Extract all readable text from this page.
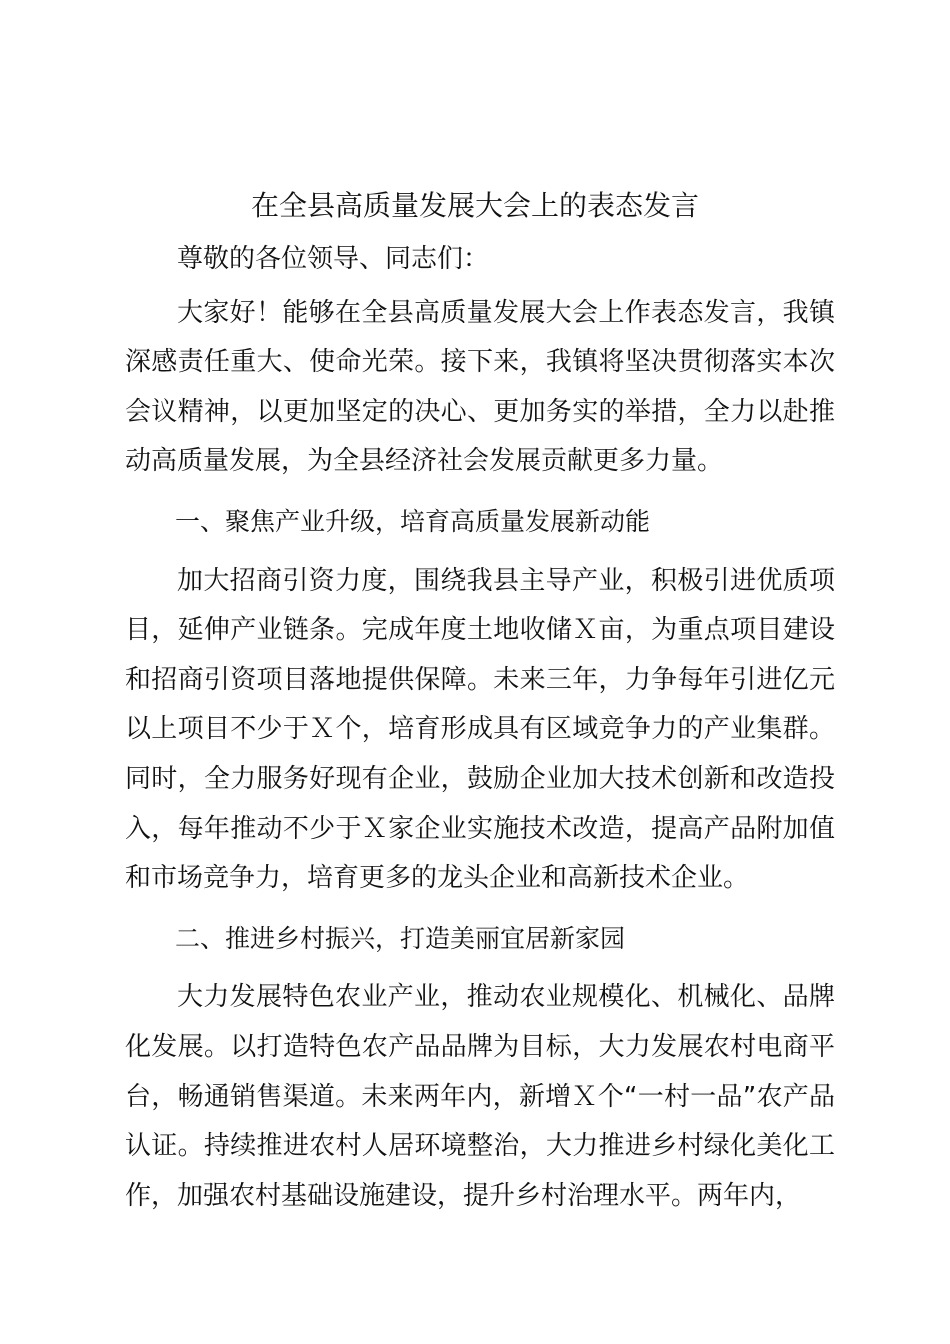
在全县高质量发展大会上的表态发言

尊敬的各位领导、同志们：

大家好！能够在全县高质量发展大会上作表态发言，我镇深感责任重大、使命光荣。接下来，我镇将坚决贯彻落实本次会议精神，以更加坚定的决心、更加务实的举措，全力以赴推动高质量发展，为全县经济社会发展贡献更多力量。

一、聚焦产业升级，培育高质量发展新动能

加大招商引资力度，围绕我县主导产业，积极引进优质项目，延伸产业链条。完成年度土地收储Ｘ亩，为重点项目建设和招商引资项目落地提供保障。未来三年，力争每年引进亿元以上项目不少于Ｘ个，培育形成具有区域竞争力的产业集群。同时，全力服务好现有企业，鼓励企业加大技术创新和改造投入，每年推动不少于Ｘ家企业实施技术改造，提高产品附加值和市场竞争力，培育更多的龙头企业和高新技术企业。

二、推进乡村振兴，打造美丽宜居新家园

大力发展特色农业产业，推动农业规模化、机械化、品牌化发展。以打造特色农产品品牌为目标，大力发展农村电商平台，畅通销售渠道。未来两年内，新增Ｘ个“一村一品”农产品认证。持续推进农村人居环境整治，大力推进乡村绿化美化工作，加强农村基础设施建设，提升乡村治理水平。两年内，
